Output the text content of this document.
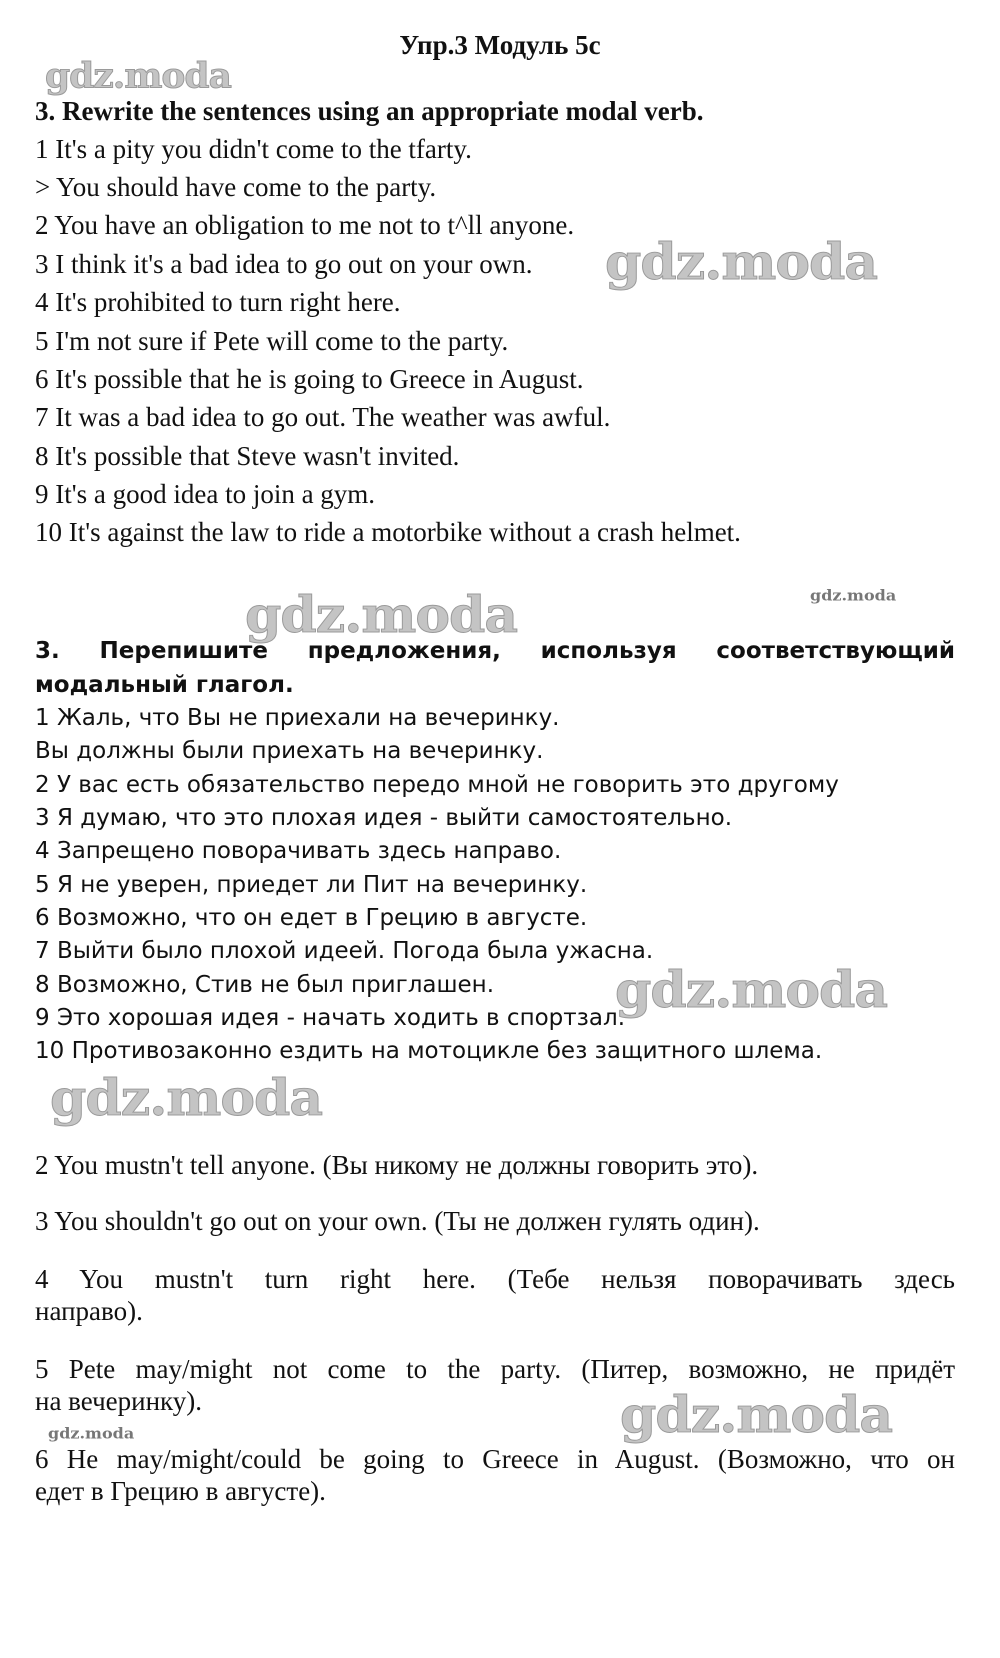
gdz.moda
gdz.moda
gdz.moda	gdz.moda
gdz.moda
gdz.moda
gdz.moda
gdz.moda
Упр.3 Модуль 5с
3. Rewrite the sentences using an appropriate modal verb.
1 It's a pity you didn't come to the tfarty.
> You should have come to the party.
2 You have an obligation to me not to t^ll anyone.
3 I think it's a bad idea to go out on your own.
4 It's prohibited to turn right here.
5 I'm not sure if Pete will come to the party.
6 It's possible that he is going to Greece in August.
7 It was a bad idea to go out. The weather was awful.
8 It's possible that Steve wasn't invited.
9 It's a good idea to join a gym.
10 It's against the law to ride a motorbike without a crash helmet.
3. Перепишите предложения, используя соответствующий
модальный глагол.
1 Жаль, что Вы не приехали на вечеринку.
Вы должны были приехать на вечеринку.
2 У вас есть обязательство передо мной не говорить это другому
3 Я думаю, что это плохая идея - выйти самостоятельно.
4 Запрещено поворачивать здесь направо.
5 Я не уверен, приедет ли Пит на вечеринку.
6 Возможно, что он едет в Грецию в августе.
7 Выйти было плохой идеей. Погода была ужасна.
8 Возможно, Стив не был приглашен.
9 Это хорошая идея - начать ходить в спортзал.
10 Противозаконно ездить на мотоцикле без защитного шлема.
2 You mustn't tell anyone. (Вы никому не должны говорить это).
3 You shouldn't go out on your own. (Ты не должен гулять один).
4 You mustn't turn right here. (Тебе нельзя поворачивать здесь
направо).
5 Pete may/might not come to the party. (Питер, возможно, не придёт
на вечеринку).
6 He may/might/could be going to Greece in August. (Возможно, что он
едет в Грецию в августе).
